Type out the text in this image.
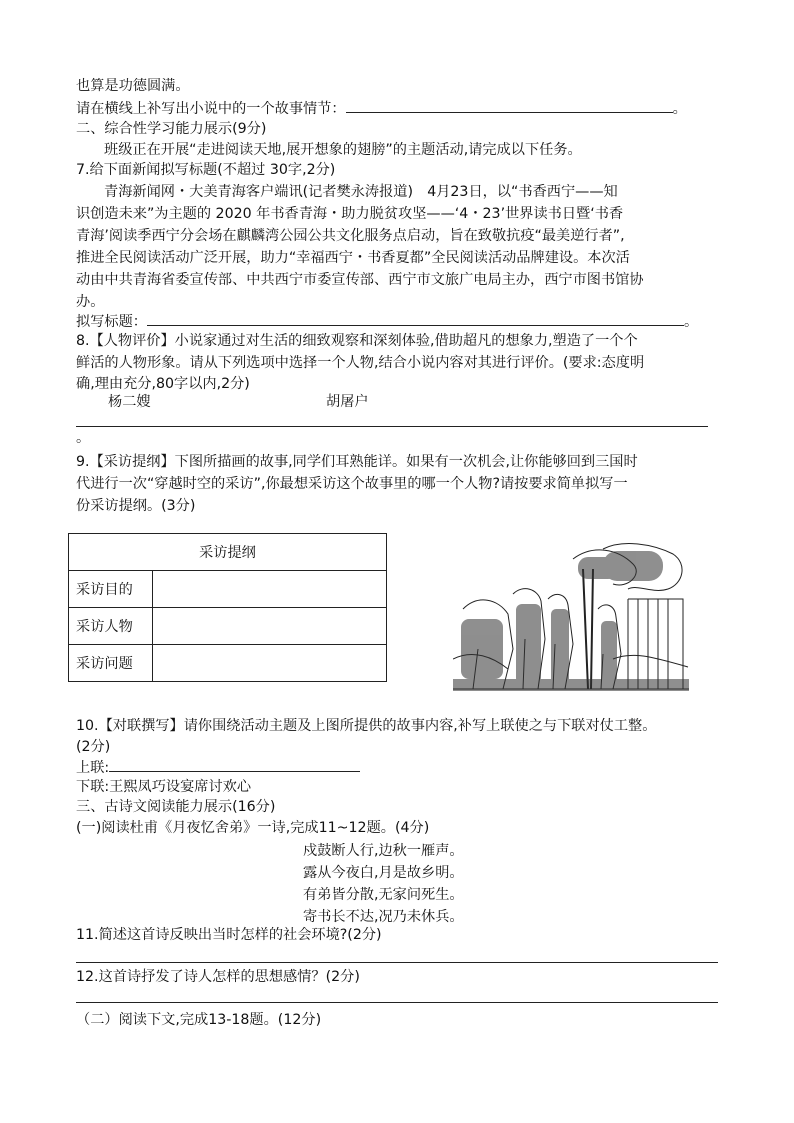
也算是功德圆满。
请在横线上补写出小说中的一个故事情节：	。
二、综合性学习能力展示(9分)
班级正在开展“走进阅读天地,展开想象的翅膀”的主题活动,请完成以下任务。
7.给下面新闻拟写标题(不超过 30字,2分)
青海新闻网・大美青海客户端讯(记者樊永涛报道)　4月23日，以“书香西宁——知
识创造未来”为主题的 2020 年书香青海・助力脱贫攻坚——‘4・23’世界读书日暨‘书香
青海’阅读季西宁分会场在麒麟湾公园公共文化服务点启动，旨在致敬抗疫“最美逆行者”,
推进全民阅读活动广泛开展，助力“幸福西宁・书香夏都”全民阅读活动品牌建设。本次活
动由中共青海省委宣传部、中共西宁市委宣传部、西宁市文旅广电局主办，西宁市图书馆协
办。
拟写标题：	。
8.【人物评价】小说家通过对生活的细致观察和深刻体验,借助超凡的想象力,塑造了一个个
鲜活的人物形象。请从下列选项中选择一个人物,结合小说内容对其进行评价。(要求:态度明
确,理由充分,80字以内,2分)
杨二嫂	胡屠户
。
9.【采访提纲】下图所描画的故事,同学们耳熟能详。如果有一次机会,让你能够回到三国时
代进行一次“穿越时空的采访”,你最想采访这个故事里的哪一个人物?请按要求简单拟写一
份采访提纲。(3分)
采访提纲	
采访目的	
采访人物	
采访问题	
10.【对联撰写】请你围绕活动主题及上图所提供的故事内容,补写上联使之与下联对仗工整。
(2分)
上联:
下联:王熙凤巧设宴席讨欢心
三、古诗文阅读能力展示(16分)
(一)阅读杜甫《月夜忆舍弟》一诗,完成11~12题。(4分)
戍鼓断人行,边秋一雁声。
露从今夜白,月是故乡明。
有弟皆分散,无家问死生。
寄书长不达,况乃未休兵。
11.简述这首诗反映出当时怎样的社会环境?(2分)
12.这首诗抒发了诗人怎样的思想感情？(2分)
（二）阅读下文,完成13-18题。(12分)
